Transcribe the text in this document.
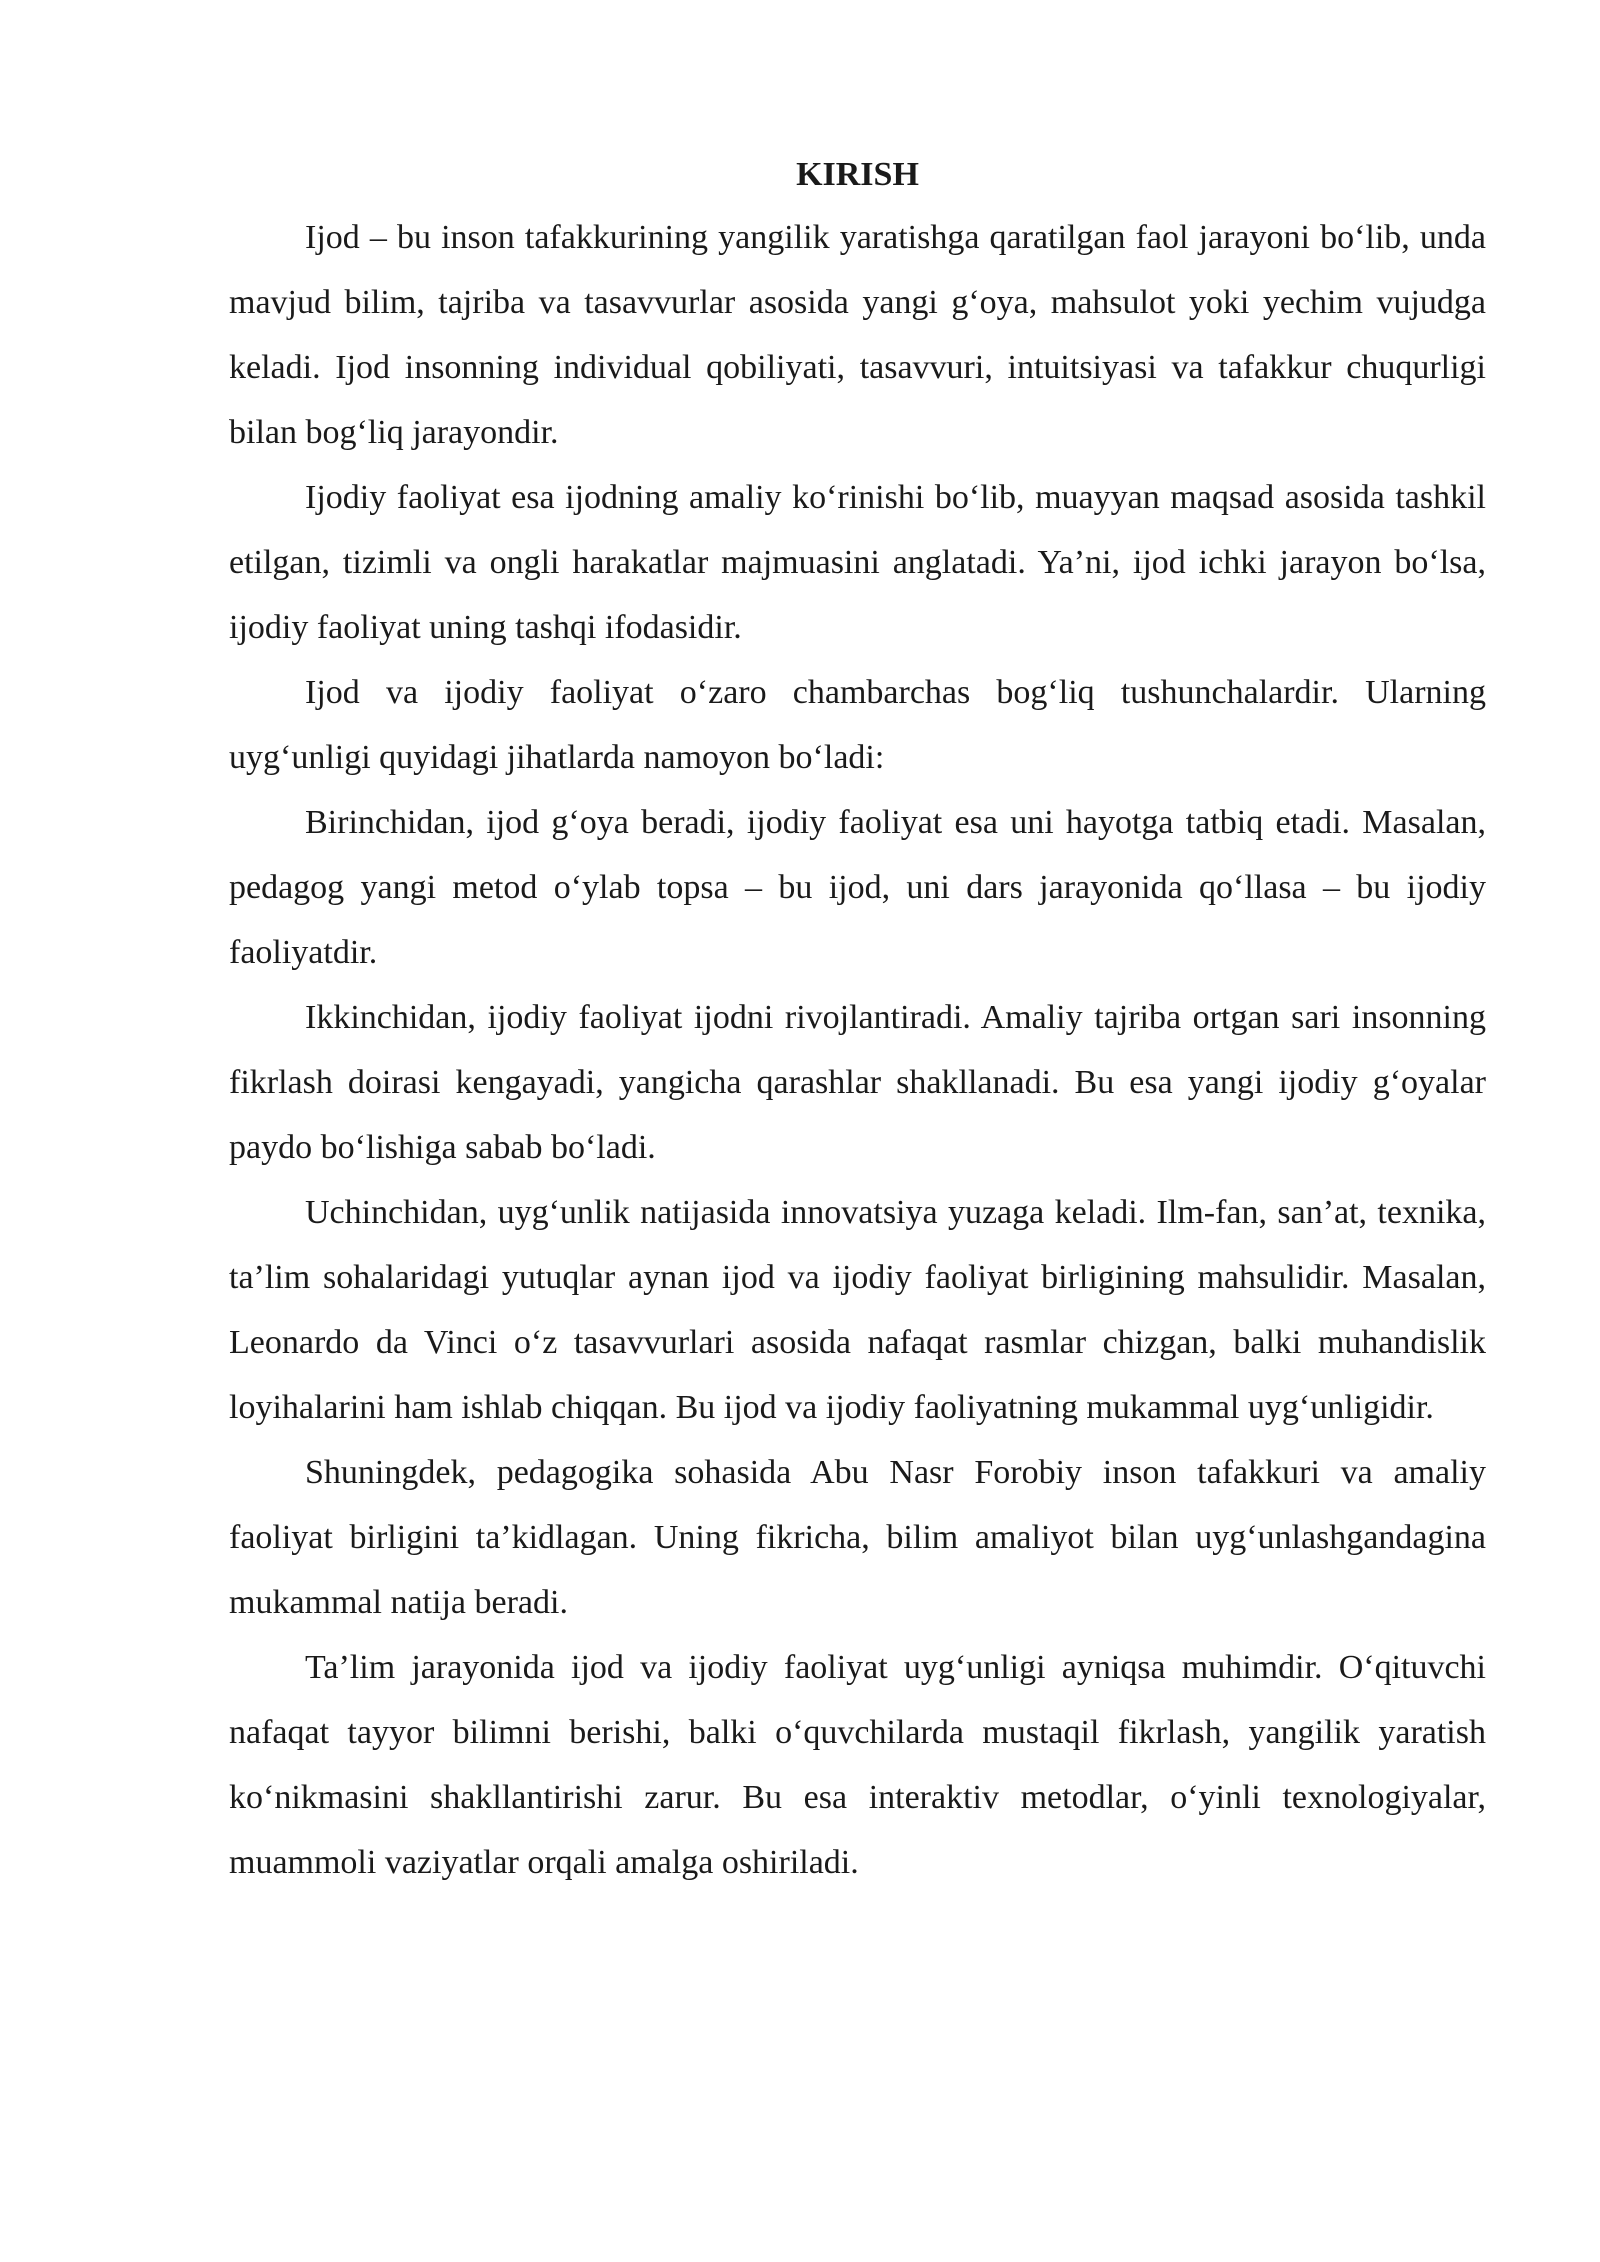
KIRISH

Ijod – bu inson tafakkurining yangilik yaratishga qaratilgan faol jarayoni bo‘lib, unda mavjud bilim, tajriba va tasavvurlar asosida yangi g‘oya, mahsulot yoki yechim vujudga keladi. Ijod insonning individual qobiliyati, tasavvuri, intuitsiyasi va tafakkur chuqurligi bilan bog‘liq jarayondir.

Ijodiy faoliyat esa ijodning amaliy ko‘rinishi bo‘lib, muayyan maqsad asosida tashkil etilgan, tizimli va ongli harakatlar majmuasini anglatadi. Ya’ni, ijod ichki jarayon bo‘lsa, ijodiy faoliyat uning tashqi ifodasidir.

Ijod va ijodiy faoliyat o‘zaro chambarchas bog‘liq tushunchalardir. Ularning uyg‘unligi quyidagi jihatlarda namoyon bo‘ladi:

Birinchidan, ijod g‘oya beradi, ijodiy faoliyat esa uni hayotga tatbiq etadi. Masalan, pedagog yangi metod o‘ylab topsa – bu ijod, uni dars jarayonida qo‘llasa – bu ijodiy faoliyatdir.

Ikkinchidan, ijodiy faoliyat ijodni rivojlantiradi. Amaliy tajriba ortgan sari insonning fikrlash doirasi kengayadi, yangicha qarashlar shakllanadi. Bu esa yangi ijodiy g‘oyalar paydo bo‘lishiga sabab bo‘ladi.

Uchinchidan, uyg‘unlik natijasida innovatsiya yuzaga keladi. Ilm-fan, san’at, texnika, ta’lim sohalaridagi yutuqlar aynan ijod va ijodiy faoliyat birligining mahsulidir. Masalan, Leonardo da Vinci o‘z tasavvurlari asosida nafaqat rasmlar chizgan, balki muhandislik loyihalarini ham ishlab chiqqan. Bu ijod va ijodiy faoliyatning mukammal uyg‘unligidir.

Shuningdek, pedagogika sohasida Abu Nasr Forobiy inson tafakkuri va amaliy faoliyat birligini ta’kidlagan. Uning fikricha, bilim amaliyot bilan uyg‘unlashgandagina mukammal natija beradi.

Ta’lim jarayonida ijod va ijodiy faoliyat uyg‘unligi ayniqsa muhimdir. O‘qituvchi nafaqat tayyor bilimni berishi, balki o‘quvchilarda mustaqil fikrlash, yangilik yaratish ko‘nikmasini shakllantirishi zarur. Bu esa interaktiv metodlar, o‘yinli texnologiyalar, muammoli vaziyatlar orqali amalga oshiriladi.
